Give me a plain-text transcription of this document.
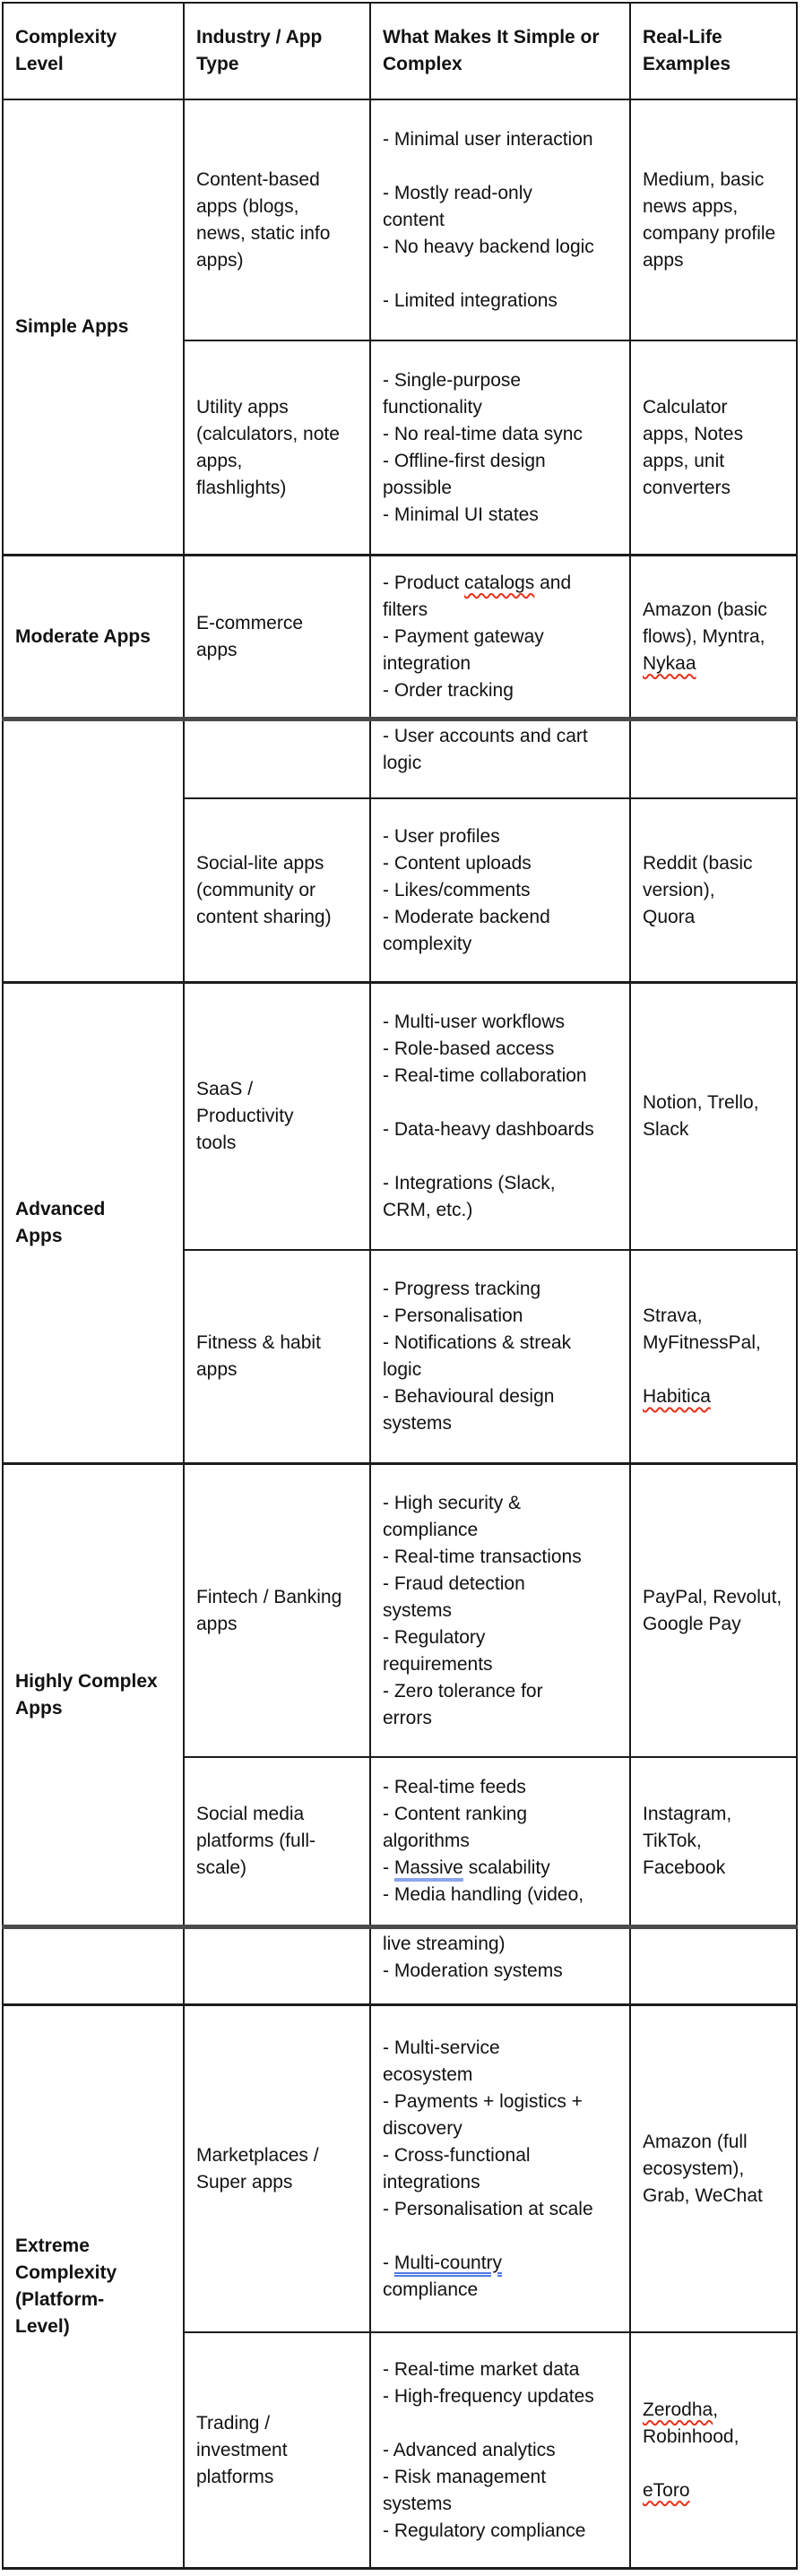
Complexity
Level
Industry / App
Type
What Makes It Simple or
Complex
Real-Life
Examples
Simple Apps
Moderate Apps
Advanced
Apps
Highly Complex
Apps
Extreme
Complexity
(Platform-
Level)
Content-based
apps (blogs,
news, static info
apps)
- Minimal user interaction
- Mostly read-only
content
- No heavy backend logic
- Limited integrations
Medium, basic
news apps,
company profile
apps
Utility apps
(calculators, note
apps,
flashlights)
- Single-purpose
functionality
- No real-time data sync
- Offline-first design
possible
- Minimal UI states
Calculator
apps, Notes
apps, unit
converters
E-commerce
apps
- Product catalogs and
filters
- Payment gateway
integration
- Order tracking
Amazon (basic
flows), Myntra,
Nykaa
- User accounts and cart
logic
Social-lite apps
(community or
content sharing)
- User profiles
- Content uploads
- Likes/comments
- Moderate backend
complexity
Reddit (basic
version),
Quora
SaaS /
Productivity
tools
- Multi-user workflows
- Role-based access
- Real-time collaboration
- Data-heavy dashboards
- Integrations (Slack,
CRM, etc.)
Notion, Trello,
Slack
Fitness & habit
apps
- Progress tracking
- Personalisation
- Notifications & streak
logic
- Behavioural design
systems
Strava,
MyFitnessPal,
Habitica
Fintech / Banking
apps
- High security &
compliance
- Real-time transactions
- Fraud detection
systems
- Regulatory
requirements
- Zero tolerance for
errors
PayPal, Revolut,
Google Pay
Social media
platforms (full-
scale)
- Real-time feeds
- Content ranking
algorithms
- Massive scalability
- Media handling (video,
Instagram,
TikTok,
Facebook
live streaming)
- Moderation systems
Marketplaces /
Super apps
- Multi-service
ecosystem
- Payments + logistics +
discovery
- Cross-functional
integrations
- Personalisation at scale
- Multi-country
compliance
Amazon (full
ecosystem),
Grab, WeChat
Trading /
investment
platforms
- Real-time market data
- High-frequency updates
- Advanced analytics
- Risk management
systems
- Regulatory compliance
Zerodha,
Robinhood,
eToro
